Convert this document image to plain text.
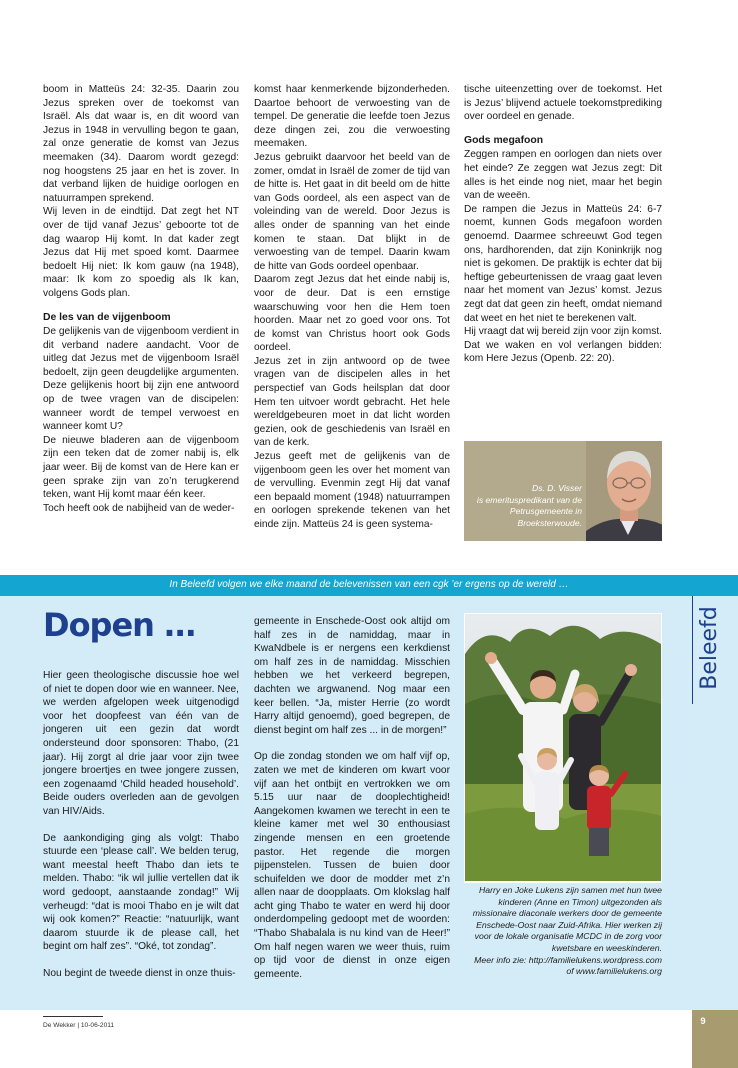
boom in Matteüs 24: 32-35. Daarin zou Jezus spreken over de toekomst van Israël. Als dat waar is, en dit woord van Jezus in 1948 in vervulling begon te gaan, zal onze generatie de komst van Jezus meemaken (34). Daarom wordt gezegd: nog hoogstens 25 jaar en het is zover. In dat verband lijken de huidige oorlogen en natuurrampen sprekend.

Wij leven in de eindtijd. Dat zegt het NT over de tijd vanaf Jezus’ geboorte tot de dag waarop Hij komt. In dat kader zegt Jezus dat Hij met spoed komt. Daarmee bedoelt Hij niet: Ik kom gauw (na 1948), maar: Ik kom zo spoedig als Ik kan, volgens Gods plan.

De les van de vijgenboom

De gelijkenis van de vijgenboom verdient in dit verband nadere aandacht. Voor de uitleg dat Jezus met de vijgenboom Israël bedoelt, zijn geen deugdelijke argumenten. Deze gelijkenis hoort bij zijn ene antwoord op de twee vragen van de discipelen: wanneer wordt de tempel verwoest en wanneer komt U?

De nieuwe bladeren aan de vijgenboom zijn een teken dat de zomer nabij is, elk jaar weer. Bij de komst van de Here kan er geen sprake zijn van zo’n terugkerend teken, want Hij komt maar één keer.

Toch heeft ook de nabijheid van de weder-

komst haar kenmerkende bijzonderheden. Daartoe behoort de verwoesting van de tempel. De generatie die leefde toen Jezus deze dingen zei, zou die verwoesting meemaken.

Jezus gebruikt daarvoor het beeld van de zomer, omdat in Israël de zomer de tijd van de hitte is. Het gaat in dit beeld om de hitte van Gods oordeel, als een aspect van de voleinding van de wereld. Door Jezus is alles onder de spanning van het einde komen te staan. Dat blijkt in de verwoesting van de tempel. Daarin kwam de hitte van Gods oordeel openbaar.

Daarom zegt Jezus dat het einde nabij is, voor de deur. Dat is een ernstige waarschuwing voor hen die Hem toen hoorden. Maar net zo goed voor ons. Tot de komst van Christus hoort ook Gods oordeel.

Jezus zet in zijn antwoord op de twee vragen van de discipelen alles in het perspectief van Gods heilsplan dat door Hem ten uitvoer wordt gebracht. Het hele wereldgebeuren moet in dat licht worden gezien, ook de geschiedenis van Israël en van de kerk.

Jezus geeft met de gelijkenis van de vijgenboom geen les over het moment van de vervulling. Evenmin zegt Hij dat vanaf een bepaald moment (1948) natuurrampen en oorlogen sprekende tekenen van het einde zijn. Matteüs 24 is geen systema-

tische uiteenzetting over de toekomst. Het is Jezus’ blijvend actuele toekomstprediking over oordeel en genade.

Gods megafoon

Zeggen rampen en oorlogen dan niets over het einde? Ze zeggen wat Jezus zegt: Dit alles is het einde nog niet, maar het begin van de weeën.

De rampen die Jezus in Matteüs 24: 6-7 noemt, kunnen Gods megafoon worden genoemd. Daarmee schreeuwt God tegen ons, hardhorenden, dat zijn Koninkrijk nog niet is gekomen. De praktijk is echter dat bij heftige gebeurtenissen de vraag gaat leven naar het moment van Jezus’ komst. Jezus zegt dat dat geen zin heeft, omdat niemand dat weet en het niet te berekenen valt.

Hij vraagt dat wij bereid zijn voor zijn komst. Dat we waken en vol verlangen bidden: kom Here Jezus (Openb. 22: 20).

Ds. D. Visser
is emerituspredikant van de
Petrusgemeente in
Broeksterwoude.
In Beleefd volgen we elke maand de belevenissen van een cgk ’er ergens op de wereld …
Beleefd
Dopen …

Hier geen theologische discussie hoe wel of niet te dopen door wie en wanneer. Nee, we werden afgelopen week uitgenodigd voor het doopfeest van één van de jongeren uit een gezin dat wordt ondersteund door sponsoren: Thabo, (21 jaar). Hij zorgt al drie jaar voor zijn twee jongere broertjes en twee jongere zussen, een zogenaamd ‘Child headed household’. Beide ouders overleden aan de gevolgen van HIV/Aids.

De aankondiging ging als volgt: Thabo stuurde een ‘please call’. We belden terug, want meestal heeft Thabo dan iets te melden. Thabo: “ik wil jullie vertellen dat ik word gedoopt, aanstaande zondag!” Wij verheugd: “dat is mooi Thabo en je wilt dat wij ook komen?” Reactie: “natuurlijk, want daarom stuurde ik de please call, het begint om half zes”. “Oké, tot zondag”.

Nou begint de tweede dienst in onze thuis-

gemeente in Enschede-Oost ook altijd om half zes in de namiddag, maar in KwaNdbele is er nergens een kerkdienst om half zes in de namiddag. Misschien hebben we het verkeerd begrepen, dachten we argwanend. Nog maar een keer bellen. “Ja, mister Herrie (zo wordt Harry altijd genoemd), goed begrepen, de dienst begint om half zes ... in de morgen!”

Op die zondag stonden we om half vijf op, zaten we met de kinderen om kwart voor vijf aan het ontbijt en vertrokken we om 5.15 uur naar de dooplechtigheid! Aangekomen kwamen we terecht in een te kleine kamer met wel 30 enthousiast zingende mensen en een groetende pastor. Het regende die morgen pijpenstelen. Tussen de buien door schuifelden we door de modder met z’n allen naar de doopplaats. Om klokslag half acht ging Thabo te water en werd hij door onderdompeling gedoopt met de woorden: “Thabo Shabalala is nu kind van de Heer!” Om half negen waren we weer thuis, ruim op tijd voor de dienst in onze eigen gemeente.

Harry en Joke Lukens zijn samen met hun twee
kinderen (Anne en Timon) uitgezonden als
missionaire diaconale werkers door de gemeente
Enschede-Oost naar Zuid-Afrika. Hier werken zij
voor de lokale organisatie MCDC in de zorg voor
kwetsbare en weeskinderen.
Meer info zie: http://familielukens.wordpress.com
of www.familielukens.org
De Wekker | 10-06-2011	9
